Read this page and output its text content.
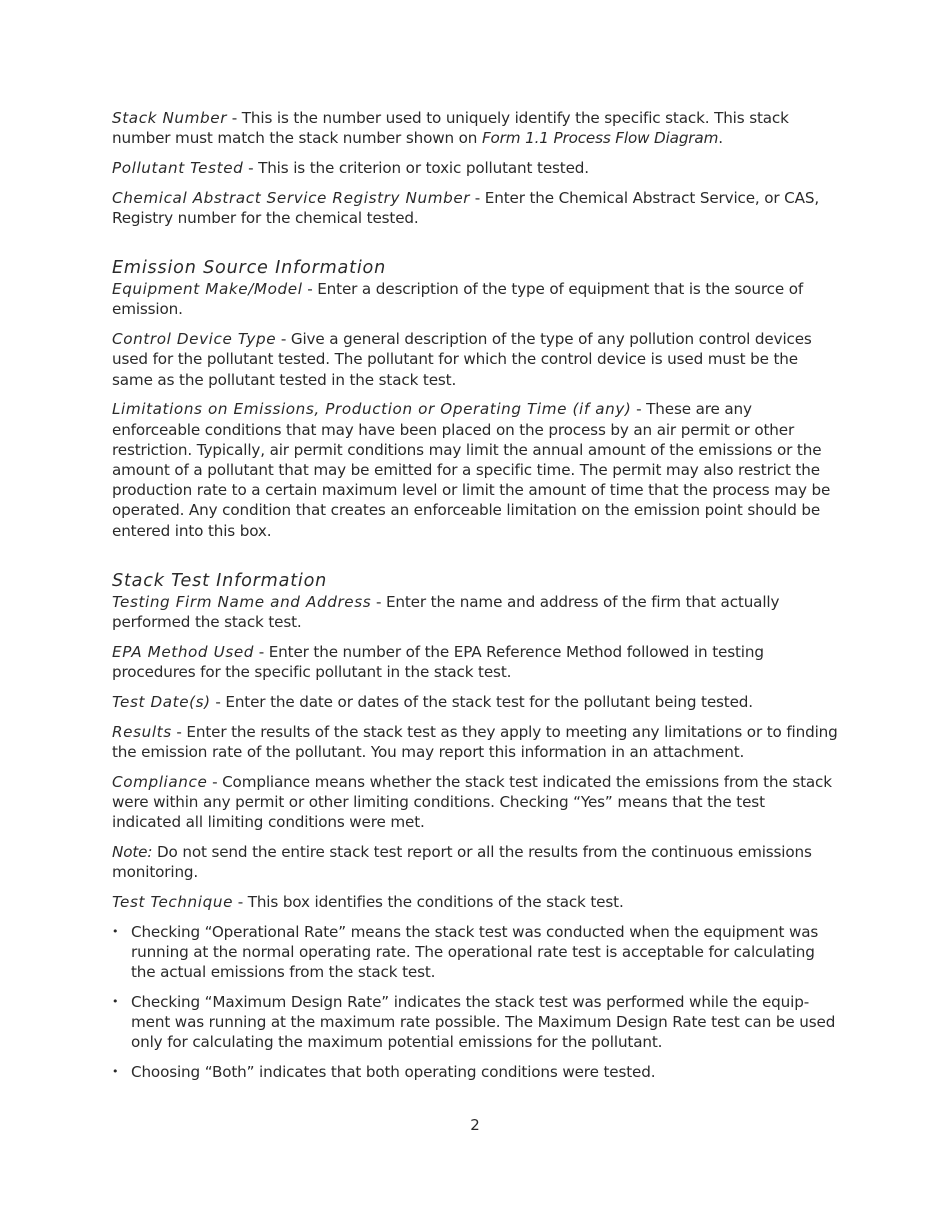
Stack Number - This is the number used to uniquely identify the specific stack. This stack number must match the stack number shown on Form 1.1 Process Flow Diagram.

Pollutant Tested - This is the criterion or toxic pollutant tested.

Chemical Abstract Service Registry Number - Enter the Chemical Abstract Service, or CAS, Registry number for the chemical tested.

Emission Source Information

Equipment Make/Model - Enter a description of the type of equipment that is the source of emission.

Control Device Type - Give a general description of the type of any pollution control devices used for the pollutant tested. The pollutant for which the control device is used must be the same as the pollutant tested in the stack test.

Limitations on Emissions, Production or Operating Time (if any) - These are any enforceable conditions that may have been placed on the process by an air permit or other restriction. Typically, air permit conditions may limit the annual amount of the emissions or the amount of a pollutant that may be emitted for a specific time. The permit may also restrict the production rate to a certain maximum level or limit the amount of time that the process may be operated. Any condition that creates an enforceable limitation on the emission point should be entered into this box.

Stack Test Information

Testing Firm Name and Address - Enter the name and address of the firm that actually performed the stack test.

EPA Method Used - Enter the number of the EPA Reference Method followed in testing procedures for the specific pollutant in the stack test.

Test Date(s) - Enter the date or dates of the stack test for the pollutant being tested.

Results - Enter the results of the stack test as they apply to meeting any limitations or to finding the emission rate of the pollutant. You may report this information in an attachment.

Compliance - Compliance means whether the stack test indicated the emissions from the stack were within any permit or other limiting conditions. Checking “Yes” means that the test indicated all limiting conditions were met.

Note: Do not send the entire stack test report or all the results from the continuous emissions monitoring.

Test Technique - This box identifies the conditions of the stack test.

• Checking “Operational Rate” means the stack test was conducted when the equipment was running at the normal operating rate. The operational rate test is acceptable for calculating the actual emissions from the stack test.
• Checking “Maximum Design Rate” indicates the stack test was performed while the equip-ment was running at the maximum rate possible. The Maximum Design Rate test can be used only for calculating the maximum potential emissions for the pollutant.
• Choosing “Both” indicates that both operating conditions were tested.
2
